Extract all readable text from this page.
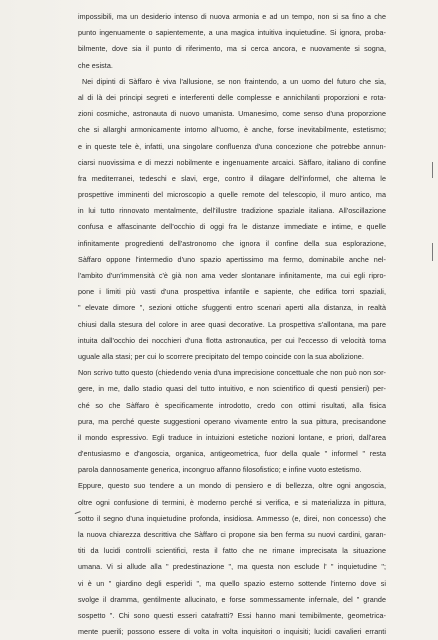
impossibili, ma un desiderio intenso di nuova armonia e ad un tempo, non si sa fino a che
punto ingenuamente o sapientemente, a una magica intuitiva inquietudine. Si ignora, proba-
bilmente, dove sia il punto di riferimento, ma si cerca ancora, e nuovamente si sogna,
che esista.
Nei dipinti di Sàffaro è viva l'allusione, se non fraintendo, a un uomo del futuro che sia,
al di là dei principi segreti e interferenti delle complesse e annichilanti proporzioni e rota-
zioni cosmiche, astronauta di nuovo umanista. Umanesimo, come senso d'una proporzione
che si allarghi armonicamente intorno all'uomo, è anche, forse inevitabilmente, estetismo;
e in queste tele è, infatti, una singolare confluenza d'una concezione che potrebbe annun-
ciarsi nuovissima e di mezzi nobilmente e ingenuamente arcaici. Sàffaro, italiano di confine
fra mediterranei, tedeschi e slavi, erge, contro il dilagare dell'informel, che alterna le
prospettive imminenti del microscopio a quelle remote del telescopio, il muro antico, ma
in lui tutto rinnovato mentalmente, dell'illustre tradizione spaziale italiana. All'oscillazione
confusa e affascinante dell'occhio di oggi fra le distanze immediate e intime, e quelle
infinitamente progredienti dell'astronomo che ignora il confine della sua esplorazione,
Sàffaro oppone l'intermedio d'uno spazio apertissimo ma fermo, dominabile anche nel-
l'ambito d'un'immensità c'è già non ama veder slontanare infinitamente, ma cui egli ripro-
pone i limiti più vasti d'una prospettiva infantile e sapiente, che edifica torri spaziali,
" elevate dimore ", sezioni ottiche sfuggenti entro scenari aperti alla distanza, in realtà
chiusi dalla stesura del colore in aree quasi decorative. La prospettiva s'allontana, ma pare
intuita dall'occhio dei nocchieri d'una flotta astronautica, per cui l'eccesso di velocità torna
uguale alla stasi; per cui lo scorrere precipitato del tempo coincide con la sua abolizione.
Non scrivo tutto questo (chiedendo venia d'una imprecisione concettuale che non può non sor-
gere, in me, dallo stadio quasi del tutto intuitivo, e non scientifico di questi pensieri) per-
ché so che Sàffaro è specificamente introdotto, credo con ottimi risultati, alla fisica
pura, ma perché queste suggestioni operano vivamente entro la sua pittura, precisandone
il mondo espressivo. Egli traduce in intuizioni estetiche nozioni lontane, e priori, dall'area
d'entusiasmo e d'angoscia, organica, antigeometrica, fuor della quale " informel " resta
parola dannosamente generica, incongruo affanno filosofistico; e infine vuoto estetismo.
Eppure, questo suo tendere a un mondo di pensiero e di bellezza, oltre ogni angoscia,
oltre ogni confusione di termini, è moderno perché si verifica, e si materializza in pittura,
sotto il segno d'una inquietudine profonda, insidiosa. Ammesso (e, direi, non concesso) che
la nuova chiarezza descrittiva che Sàffaro ci propone sia ben ferma su nuovi cardini, garan-
titi da lucidi controlli scientifici, resta il fatto che ne rimane imprecisata la situazione
umana. Vi si allude alla " predestinazione ", ma questa non esclude l' " inquietudine ";
vi è un " giardino degli esperìdi ", ma quello spazio esterno sottende l'interno dove si
svolge il dramma, gentilmente allucinato, e forse sommessamente infernale, del " grande
sospetto ". Chi sono questi esseri catafratti? Essi hanno mani temibilmente, geometrica-
mente puerili; possono essere di volta in volta inquisitori o inquisiti; lucidi cavalieri erranti
